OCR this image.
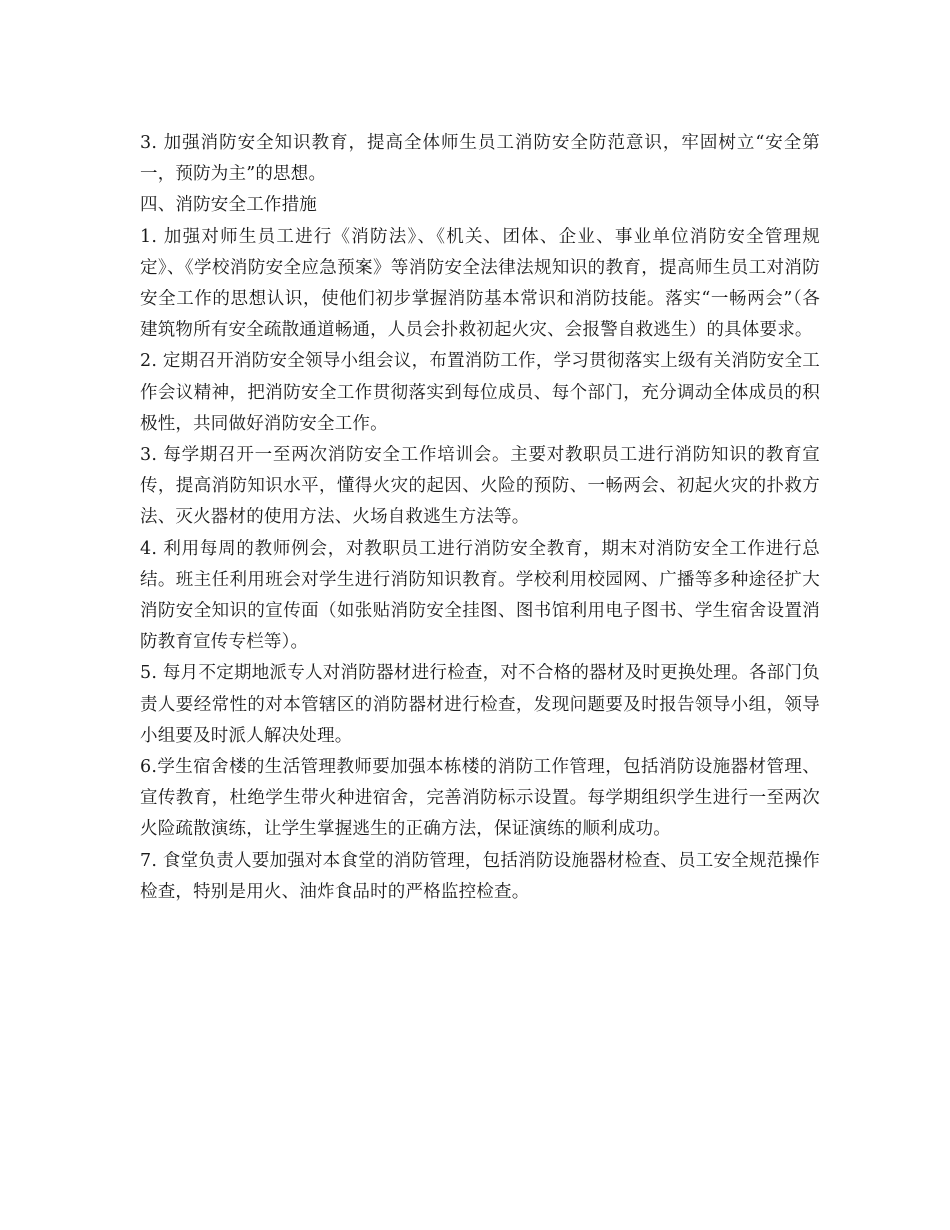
3. 加强消防安全知识教育，提高全体师生员工消防安全防范意识，牢固树立“安全第一，预防为主”的思想。

四、消防安全工作措施

1. 加强对师生员工进行《消防法》、《机关、团体、企业、事业单位消防安全管理规定》、《学校消防安全应急预案》等消防安全法律法规知识的教育，提高师生员工对消防安全工作的思想认识，使他们初步掌握消防基本常识和消防技能。落实“一畅两会”（各建筑物所有安全疏散通道畅通，人员会扑救初起火灾、会报警自救逃生）的具体要求。

2. 定期召开消防安全领导小组会议，布置消防工作，学习贯彻落实上级有关消防安全工作会议精神，把消防安全工作贯彻落实到每位成员、每个部门，充分调动全体成员的积极性，共同做好消防安全工作。

3. 每学期召开一至两次消防安全工作培训会。主要对教职员工进行消防知识的教育宣传，提高消防知识水平，懂得火灾的起因、火险的预防、一畅两会、初起火灾的扑救方法、灭火器材的使用方法、火场自救逃生方法等。

4. 利用每周的教师例会，对教职员工进行消防安全教育，期末对消防安全工作进行总结。班主任利用班会对学生进行消防知识教育。学校利用校园网、广播等多种途径扩大消防安全知识的宣传面（如张贴消防安全挂图、图书馆利用电子图书、学生宿舍设置消防教育宣传专栏等）。

5. 每月不定期地派专人对消防器材进行检查，对不合格的器材及时更换处理。各部门负责人要经常性的对本管辖区的消防器材进行检查，发现问题要及时报告领导小组，领导小组要及时派人解决处理。

6.学生宿舍楼的生活管理教师要加强本栋楼的消防工作管理，包括消防设施器材管理、宣传教育，杜绝学生带火种进宿舍，完善消防标示设置。每学期组织学生进行一至两次火险疏散演练，让学生掌握逃生的正确方法，保证演练的顺利成功。

7. 食堂负责人要加强对本食堂的消防管理，包括消防设施器材检查、员工安全规范操作检查，特别是用火、油炸食品时的严格监控检查。
